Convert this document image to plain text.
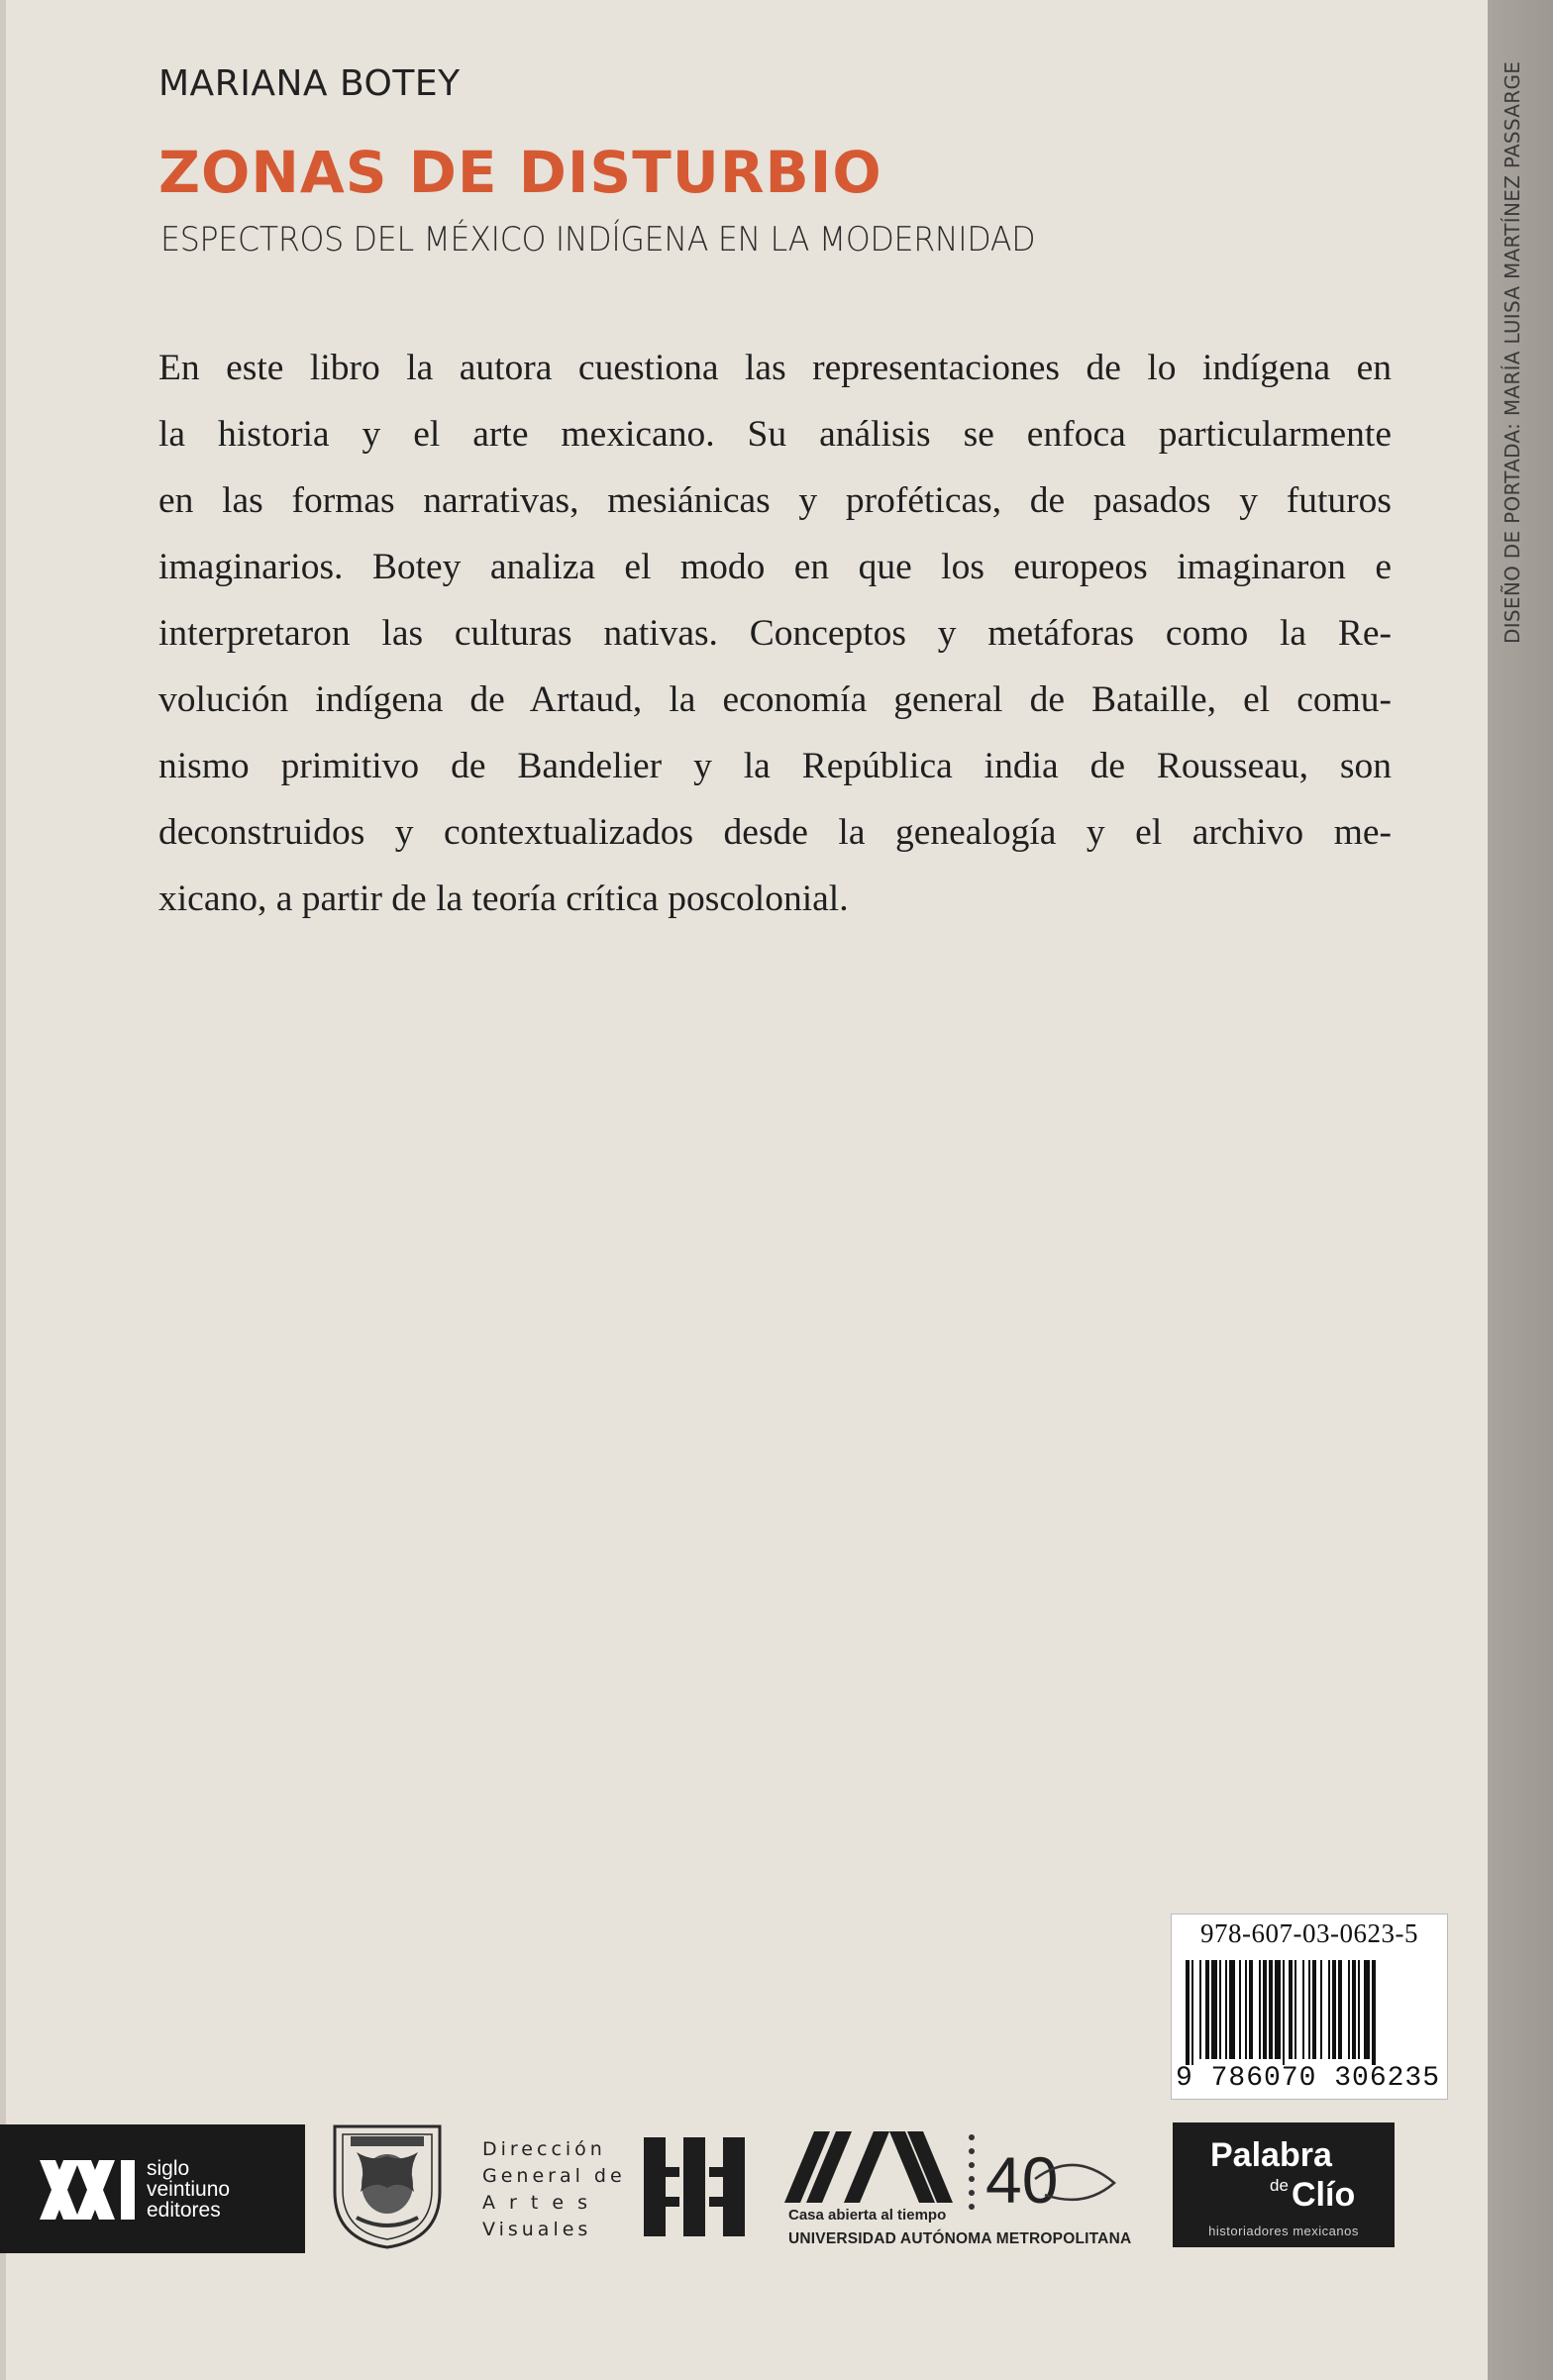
MARIANA BOTEY
ZONAS DE DISTURBIO
ESPECTROS DEL MÉXICO INDÍGENA EN LA MODERNIDAD
En este libro la autora cuestiona las representaciones de lo indígena en
la historia y el arte mexicano. Su análisis se enfoca particularmente
en las formas narrativas, mesiánicas y proféticas, de pasados y futuros
imaginarios. Botey analiza el modo en que los europeos imaginaron e
interpretaron las culturas nativas. Conceptos y metáforas como la Re-
volución indígena de Artaud, la economía general de Bataille, el comu-
nismo primitivo de Bandelier y la República india de Rousseau, son
deconstruidos y contextualizados desde la genealogía y el archivo me-
xicano, a partir de la teoría crítica poscolonial.
DISEÑO DE PORTADA: MARÍA LUISA MARTÍNEZ PASSARGE
978-607-03-0623-5
9 786070 306235
siglo
veintiuno
editores
Dirección
General de
A r t e s
Visuales
Casa abierta al tiempo
UNIVERSIDAD AUTÓNOMA METROPOLITANA
40	Palabra
de Clío
historiadores mexicanos
